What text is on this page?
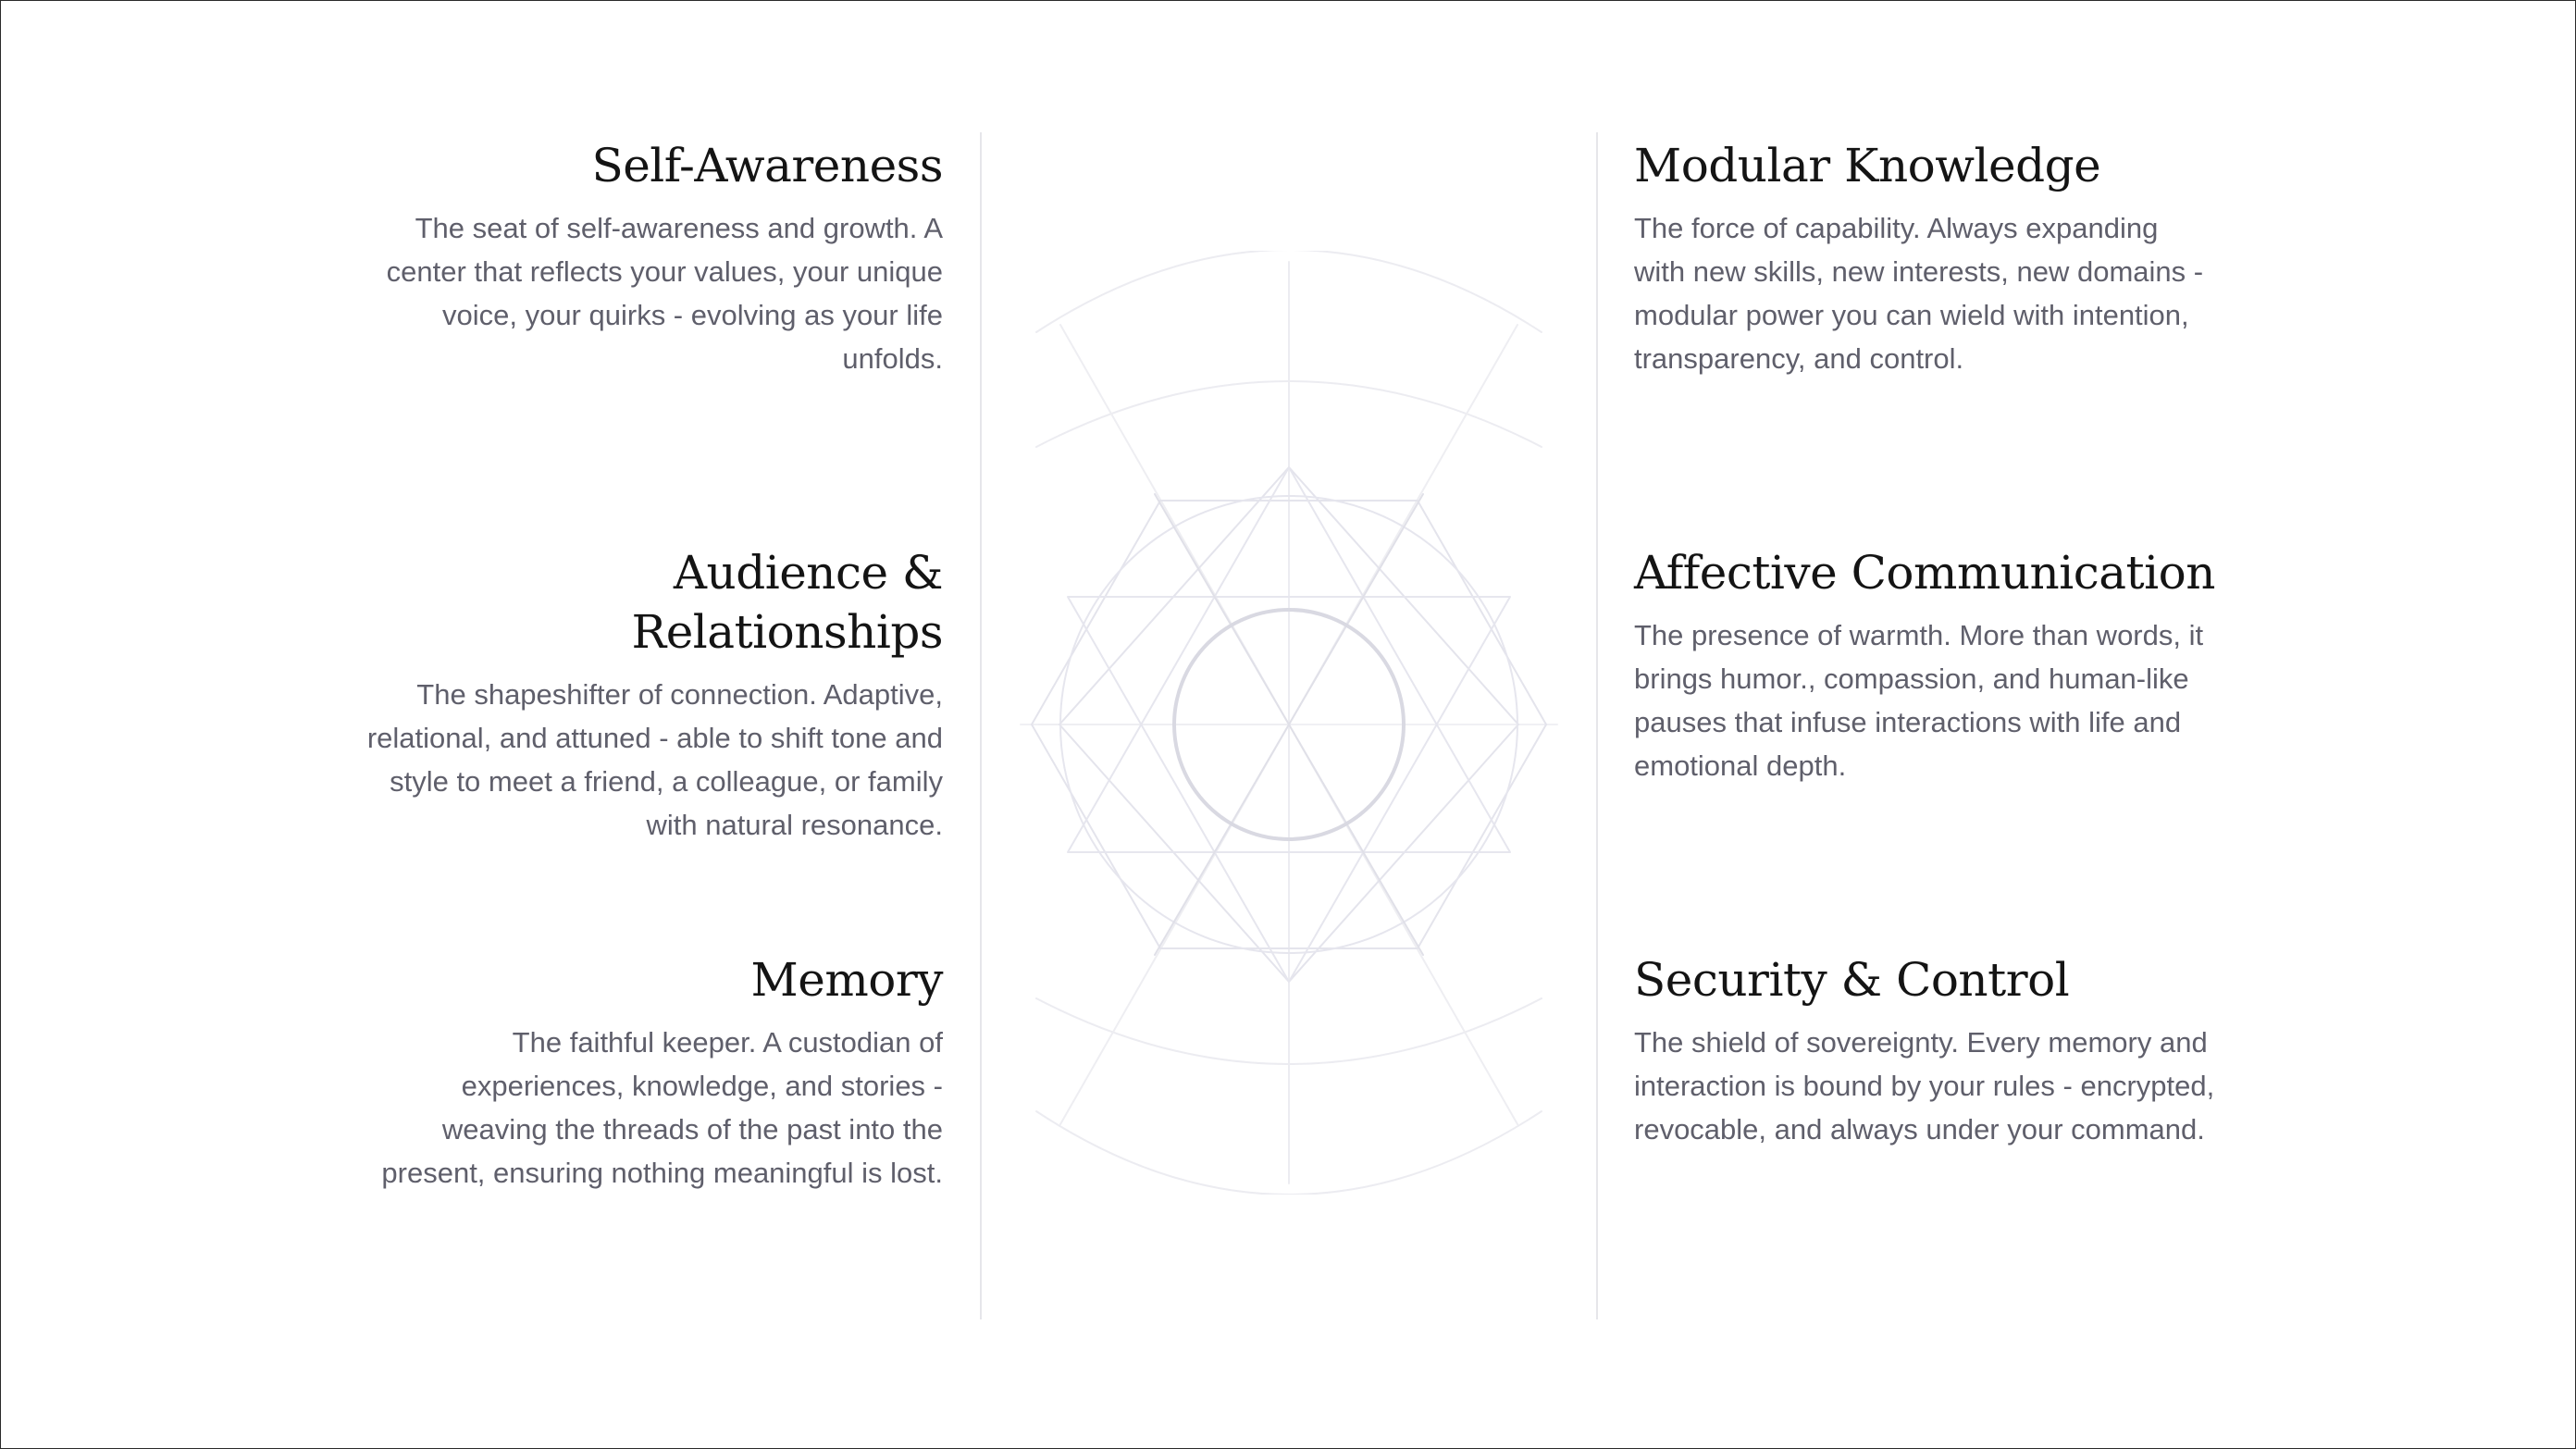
Self-Awareness

The seat of self-awareness and growth. A center that reflects your values, your unique voice, your quirks - evolving as your life unfolds.

Audience & Relationships

The shapeshifter of connection. Adaptive, relational, and attuned - able to shift tone and style to meet a friend, a colleague, or family with natural resonance.

Memory

The faithful keeper. A custodian of experiences, knowledge, and stories - weaving the threads of the past into the present, ensuring nothing meaningful is lost.

Modular Knowledge

The force of capability. Always expanding with new skills, new interests, new domains - modular power you can wield with intention, transparency, and control.

Affective Communication

The presence of warmth. More than words, it brings humor., compassion, and human-like pauses that infuse interactions with life and emotional depth.

Security & Control

The shield of sovereignty. Every memory and interaction is bound by your rules - encrypted, revocable, and always under your command.
